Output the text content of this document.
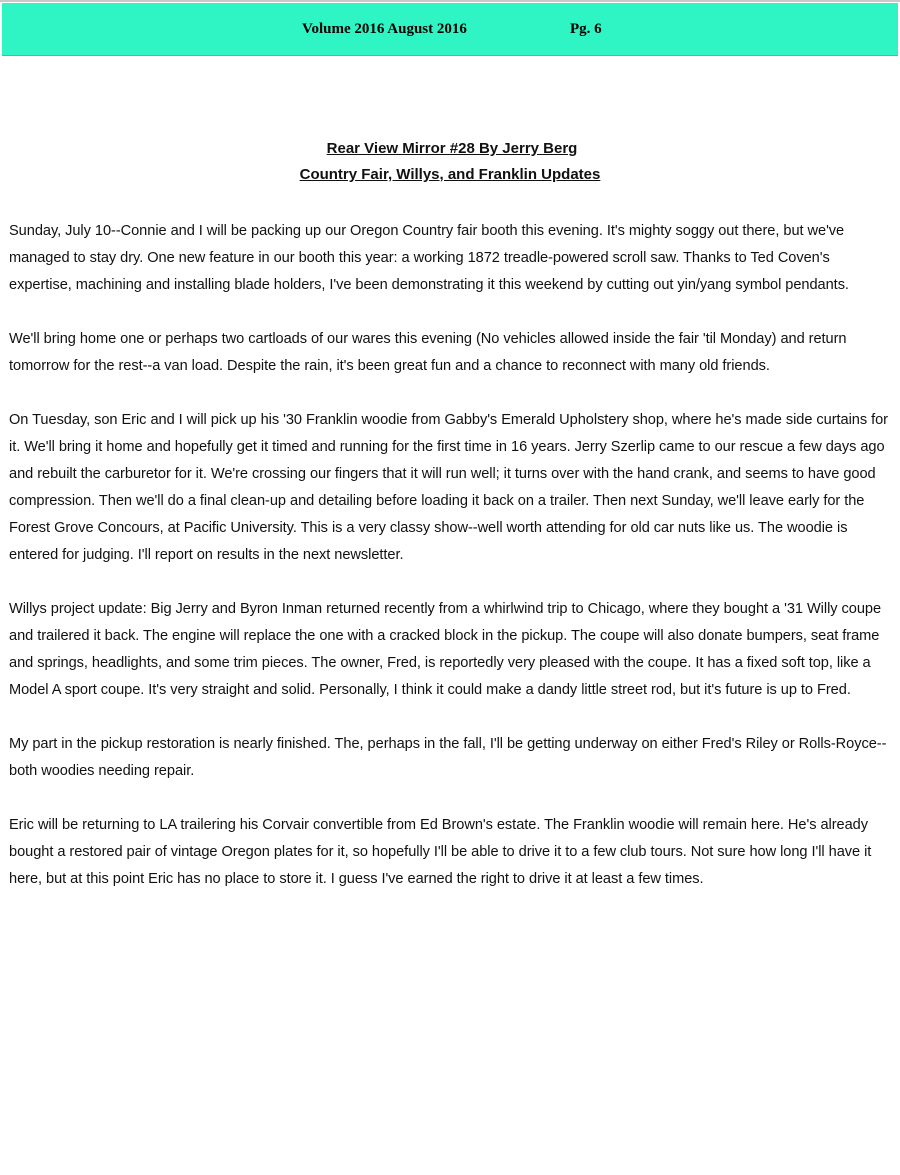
Volume 2016 August 2016	Pg. 6
Rear View Mirror #28 By Jerry Berg
Country Fair, Willys, and Franklin Updates

Sunday, July 10--Connie and I will be packing up our Oregon Country fair booth this evening. It's mighty soggy out there, but we've managed to stay dry. One new feature in our booth this year: a working 1872 treadle-powered scroll saw. Thanks to Ted Coven's expertise, machining and installing blade holders, I've been demonstrating it this weekend by cutting out yin/yang symbol pendants.

We'll bring home one or perhaps two cartloads of our wares this evening (No vehicles allowed inside the fair 'til Monday) and return tomorrow for the rest--a van load. Despite the rain, it's been great fun and a chance to reconnect with many old friends.

On Tuesday, son Eric and I will pick up his '30 Franklin woodie from Gabby's Emerald Upholstery shop, where he's made side curtains for it. We'll bring it home and hopefully get it timed and running for the first time in 16 years. Jerry Szerlip came to our rescue a few days ago and rebuilt the carburetor for it. We're crossing our fingers that it will run well; it turns over with the hand crank, and seems to have good compression. Then we'll do a final clean-up and detailing before loading it back on a trailer. Then next Sunday, we'll leave early for the Forest Grove Concours, at Pacific University. This is a very classy show--well worth attending for old car nuts like us. The woodie is entered for judging. I'll report on results in the next newsletter.

Willys project update: Big Jerry and Byron Inman returned recently from a whirlwind trip to Chicago, where they bought a '31 Willy coupe and trailered it back. The engine will replace the one with a cracked block in the pickup. The coupe will also donate bumpers, seat frame and springs, headlights, and some trim pieces. The owner, Fred, is reportedly very pleased with the coupe. It has a fixed soft top, like a Model A sport coupe. It's very straight and solid. Personally, I think it could make a dandy little street rod, but it's future is up to Fred.

My part in the pickup restoration is nearly finished. The, perhaps in the fall, I'll be getting underway on either Fred's Riley or Rolls-Royce--both woodies needing repair.

Eric will be returning to LA trailering his Corvair convertible from Ed Brown's estate. The Franklin woodie will remain here. He's already bought a restored pair of vintage Oregon plates for it, so hopefully I'll be able to drive it to a few club tours. Not sure how long I'll have it here, but at this point Eric has no place to store it. I guess I've earned the right to drive it at least a few times.
